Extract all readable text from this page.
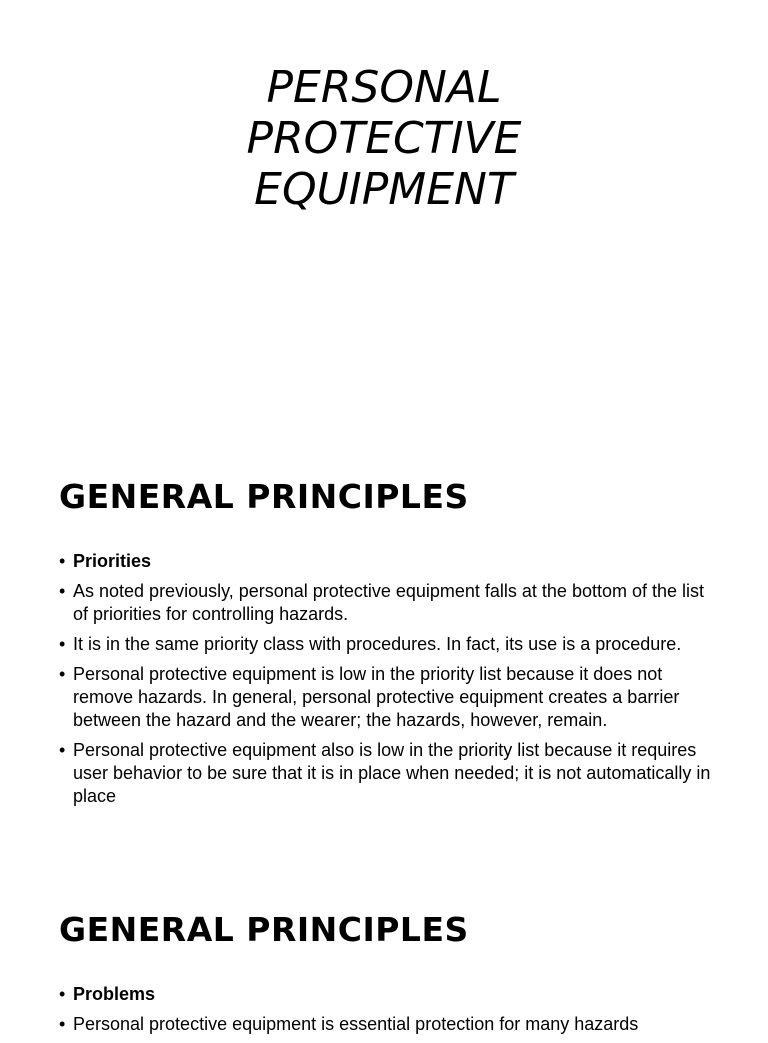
PERSONAL
PROTECTIVE
EQUIPMENT
GENERAL PRINCIPLES
• Priorities
• As noted previously, personal protective equipment falls at the bottom of the list of priorities for controlling hazards.
• It is in the same priority class with procedures. In fact, its use is a procedure.
• Personal protective equipment is low in the priority list because it does not remove hazards. In general, personal protective equipment creates a barrier between the hazard and the wearer; the hazards, however, remain.
• Personal protective equipment also is low in the priority list because it requires user behavior to be sure that it is in place when needed; it is not automatically in place
GENERAL PRINCIPLES
• Problems
• Personal protective equipment is essential protection for many hazards
